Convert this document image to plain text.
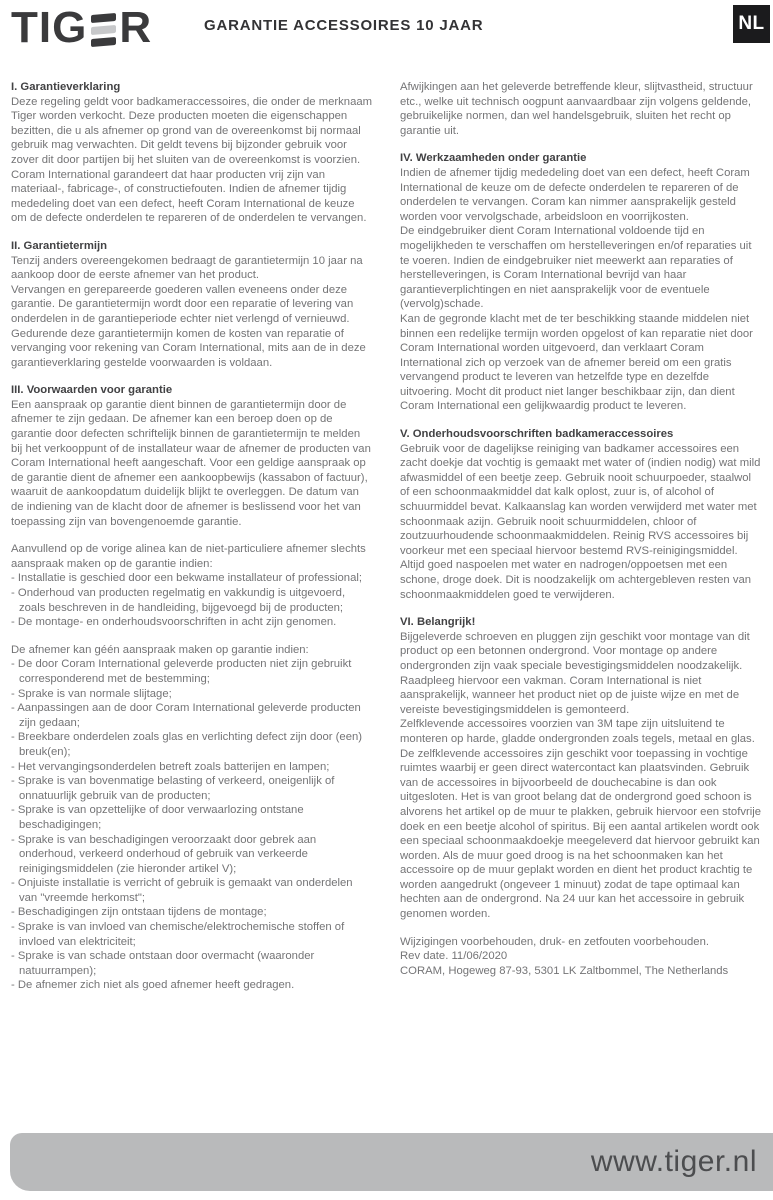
TIG R	GARANTIE ACCESSOIRES 10 JAAR	NL
I. Garantieverklaring

Deze regeling geldt voor badkameraccessoires, die onder de merknaam Tiger worden verkocht. Deze producten moeten die eigenschappen bezitten, die u als afnemer op grond van de overeenkomst bij normaal gebruik mag verwachten. Dit geldt tevens bij bijzonder gebruik voor zover dit door partijen bij het sluiten van de overeenkomst is voorzien. Coram International garandeert dat haar producten vrij zijn van materiaal-, fabricage-, of constructiefouten. Indien de afnemer tijdig mededeling doet van een defect, heeft Coram International de keuze om de defecte onderdelen te repareren of de onderdelen te vervangen.

II. Garantietermijn

Tenzij anders overeengekomen bedraagt de garantietermijn 10 jaar na aankoop door de eerste afnemer van het product.

Vervangen en gerepareerde goederen vallen eveneens onder deze garantie. De garantietermijn wordt door een reparatie of levering van onderdelen in de garantieperiode echter niet verlengd of vernieuwd.

Gedurende deze garantietermijn komen de kosten van reparatie of vervanging voor rekening van Coram International, mits aan de in deze garantieverklaring gestelde voorwaarden is voldaan.

III. Voorwaarden voor garantie

Een aanspraak op garantie dient binnen de garantietermijn door de afnemer te zijn gedaan. De afnemer kan een beroep doen op de garantie door defecten schriftelijk binnen de garantietermijn te melden bij het verkooppunt of de installateur waar de afnemer de producten van Coram International heeft aangeschaft. Voor een geldige aanspraak op de garantie dient de afnemer een aankoopbewijs (kassabon of factuur), waaruit de aankoopdatum duidelijk blijkt te overleggen. De datum van de indiening van de klacht door de afnemer is beslissend voor het van toepassing zijn van bovengenoemde garantie.

Aanvullend op de vorige alinea kan de niet-particuliere afnemer slechts aanspraak maken op de garantie indien:

- Installatie is geschied door een bekwame installateur of professional;
- Onderhoud van producten regelmatig en vakkundig is uitgevoerd, zoals beschreven in de handleiding, bijgevoegd bij de producten;
- De montage- en onderhoudsvoorschriften in acht zijn genomen.

De afnemer kan géén aanspraak maken op garantie indien:

- De door Coram International geleverde producten niet zijn gebruikt corresponderend met de bestemming;
- Sprake is van normale slijtage;
- Aanpassingen aan de door Coram International geleverde producten zijn gedaan;
- Breekbare onderdelen zoals glas en verlichting defect zijn door (een) breuk(en);
- Het vervangingsonderdelen betreft zoals batterijen en lampen;
- Sprake is van bovenmatige belasting of verkeerd, oneigenlijk of onnatuurlijk gebruik van de producten;
- Sprake is van opzettelijke of door verwaarlozing ontstane beschadigingen;
- Sprake is van beschadigingen veroorzaakt door gebrek aan onderhoud, verkeerd onderhoud of gebruik van verkeerde reinigingsmiddelen (zie hieronder artikel V);
- Onjuiste installatie is verricht of gebruik is gemaakt van onderdelen van "vreemde herkomst";
- Beschadigingen zijn ontstaan tijdens de montage;
- Sprake is van invloed van chemische/elektrochemische stoffen of invloed van elektriciteit;
- Sprake is van schade ontstaan door overmacht (waaronder natuurrampen);
- De afnemer zich niet als goed afnemer heeft gedragen.

Afwijkingen aan het geleverde betreffende kleur, slijtvastheid, structuur etc., welke uit technisch oogpunt aanvaardbaar zijn volgens geldende, gebruikelijke normen, dan wel handelsgebruik, sluiten het recht op garantie uit.

IV. Werkzaamheden onder garantie

Indien de afnemer tijdig mededeling doet van een defect, heeft Coram International de keuze om de defecte onderdelen te repareren of de onderdelen te vervangen. Coram kan nimmer aansprakelijk gesteld worden voor vervolgschade, arbeidsloon en voorrijkosten.

De eindgebruiker dient Coram International voldoende tijd en mogelijkheden te verschaffen om herstelleveringen en/of reparaties uit te voeren. Indien de eindgebruiker niet meewerkt aan reparaties of herstelleveringen, is Coram International bevrijd van haar garantieverplichtingen en niet aansprakelijk voor de eventuele (vervolg)schade.

Kan de gegronde klacht met de ter beschikking staande middelen niet binnen een redelijke termijn worden opgelost of kan reparatie niet door Coram International worden uitgevoerd, dan verklaart Coram International zich op verzoek van de afnemer bereid om een gratis vervangend product te leveren van hetzelfde type en dezelfde uitvoering. Mocht dit product niet langer beschikbaar zijn, dan dient Coram International een gelijkwaardig product te leveren.

V. Onderhoudsvoorschriften badkameraccessoires

Gebruik voor de dagelijkse reiniging van badkamer accessoires een zacht doekje dat vochtig is gemaakt met water of (indien nodig) wat mild afwasmiddel of een beetje zeep. Gebruik nooit schuurpoeder, staalwol of een schoonmaakmiddel dat kalk oplost, zuur is, of alcohol of schuurmiddel bevat. Kalkaanslag kan worden verwijderd met water met schoonmaak azijn. Gebruik nooit schuurmiddelen, chloor of zoutzuurhoudende schoonmaakmiddelen. Reinig RVS accessoires bij voorkeur met een speciaal hiervoor bestemd RVS-reinigingsmiddel. Altijd goed naspoelen met water en nadrogen/oppoetsen met een schone, droge doek. Dit is noodzakelijk om achtergebleven resten van schoonmaakmiddelen goed te verwijderen.

VI. Belangrijk!

Bijgeleverde schroeven en pluggen zijn geschikt voor montage van dit product op een betonnen ondergrond. Voor montage op andere ondergronden zijn vaak speciale bevestigingsmiddelen noodzakelijk. Raadpleeg hiervoor een vakman. Coram International is niet aansprakelijk, wanneer het product niet op de juiste wijze en met de vereiste bevestigingsmiddelen is gemonteerd.

Zelfklevende accessoires voorzien van 3M tape zijn uitsluitend te monteren op harde, gladde ondergronden zoals tegels, metaal en glas. De zelfklevende accessoires zijn geschikt voor toepassing in vochtige ruimtes waarbij er geen direct watercontact kan plaatsvinden. Gebruik van de accessoires in bijvoorbeeld de douchecabine is dan ook uitgesloten. Het is van groot belang dat de ondergrond goed schoon is alvorens het artikel op de muur te plakken, gebruik hiervoor een stofvrije doek en een beetje alcohol of spiritus. Bij een aantal artikelen wordt ook een speciaal schoonmaakdoekje meegeleverd dat hiervoor gebruikt kan worden. Als de muur goed droog is na het schoonmaken kan het accessoire op de muur geplakt worden en dient het product krachtig te worden aangedrukt (ongeveer 1 minuut) zodat de tape optimaal kan hechten aan de ondergrond. Na 24 uur kan het accessoire in gebruik genomen worden.

Wijzigingen voorbehouden, druk- en zetfouten voorbehouden.

Rev date. 11/06/2020

CORAM, Hogeweg 87-93, 5301 LK Zaltbommel, The Netherlands

www.tiger.nl
